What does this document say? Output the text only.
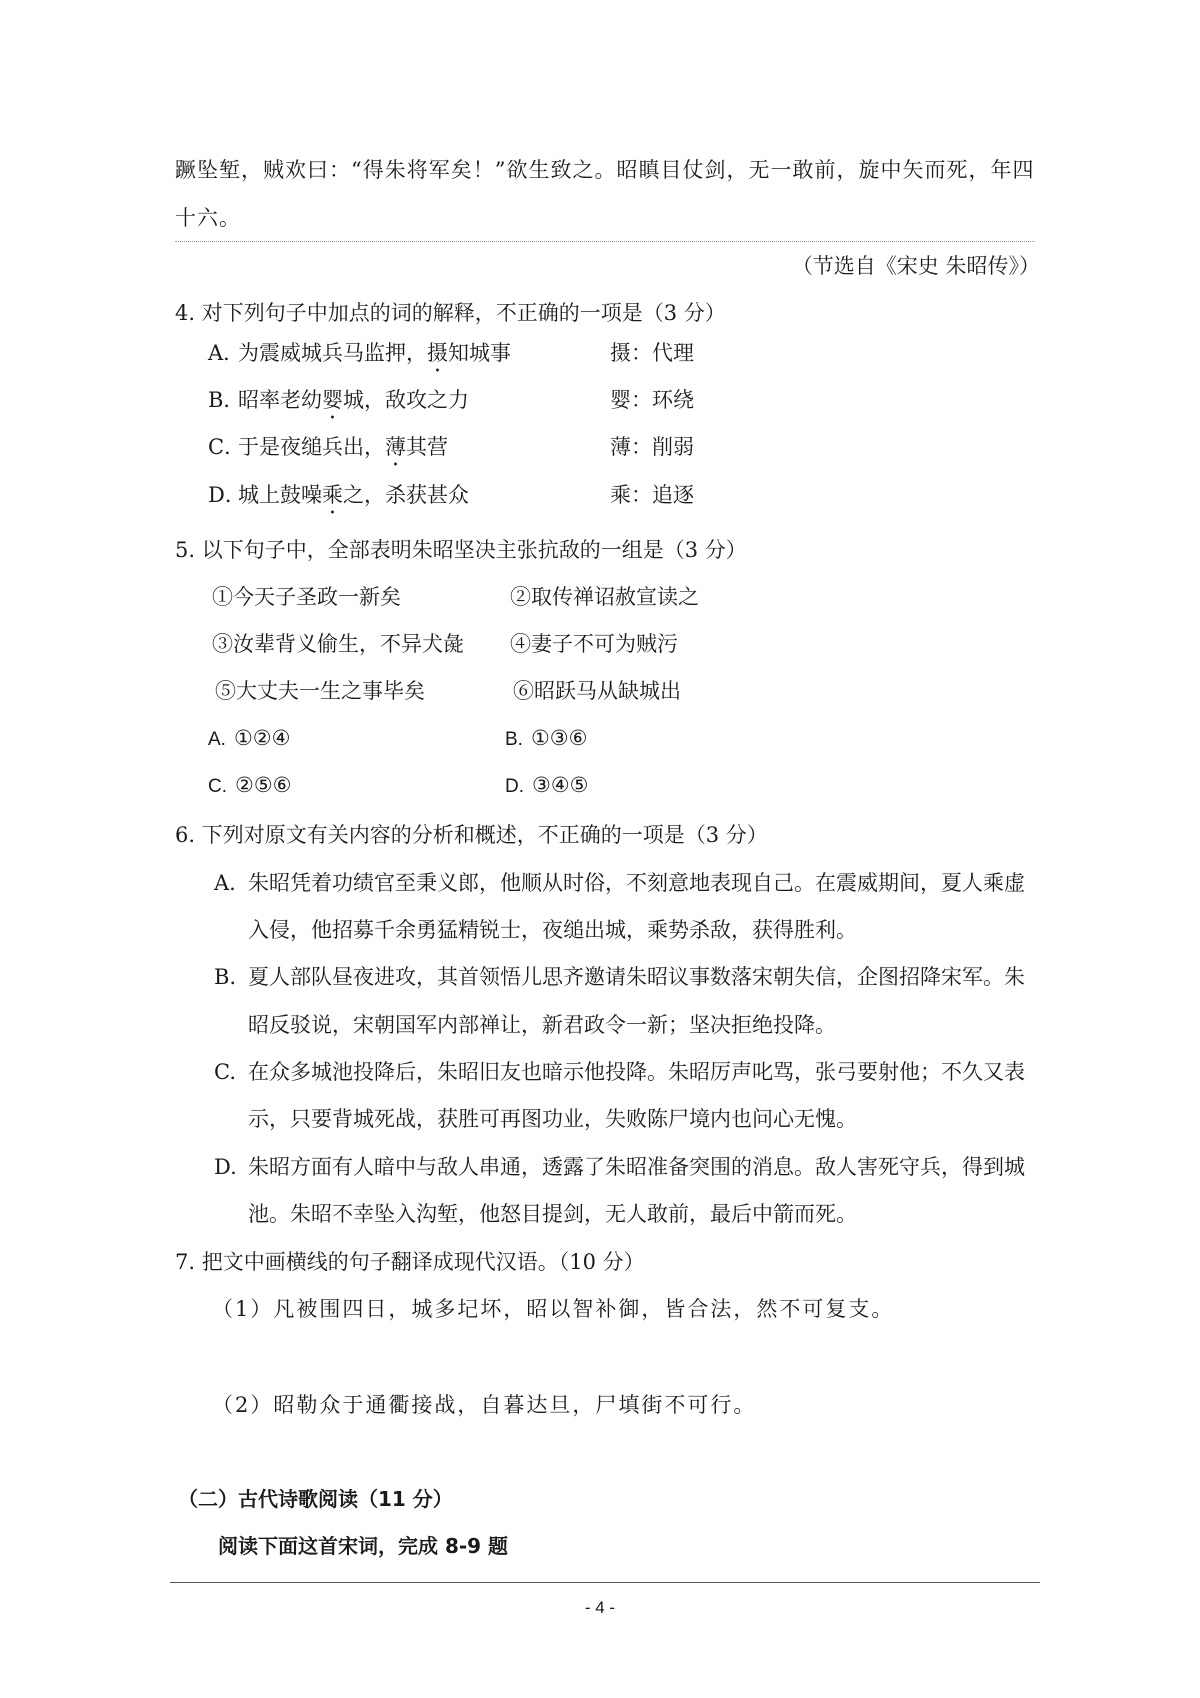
蹶坠堑，贼欢曰：“得朱将军矣！”欲生致之。昭瞋目仗剑，无一敢前，旋中矢而死，年四
十六。
（节选自《宋史 朱昭传》）
4. 对下列句子中加点的词的解释，不正确的一项是（3 分）
A．为震威城兵马监押，摄知城事	摄：代理
B．昭率老幼婴城，敌攻之力	婴：环绕
C．于是夜缒兵出，薄其营	薄：削弱
D．城上鼓噪乘之，杀获甚众	乘：追逐
5. 以下句子中，全部表明朱昭坚决主张抗敌的一组是（3 分）
①今天子圣政一新矣	②取传禅诏赦宣读之
③汝辈背义偷生，不异犬彘 ④妻子不可为贼污
⑤大丈夫一生之事毕矣	⑥昭跃马从缺城出
A. ①②④	B. ①③⑥
C. ②⑤⑥	D. ③④⑤
6. 下列对原文有关内容的分析和概述，不正确的一项是（3 分）
A. 朱昭凭着功绩官至秉义郎，他顺从时俗，不刻意地表现自己。在震威期间，夏人乘虚
入侵，他招募千余勇猛精锐士，夜缒出城，乘势杀敌，获得胜利。
B. 夏人部队昼夜进攻，其首领悟儿思齐邀请朱昭议事数落宋朝失信，企图招降宋军。朱
昭反驳说，宋朝国军内部禅让，新君政令一新；坚决拒绝投降。
C. 在众多城池投降后，朱昭旧友也暗示他投降。朱昭厉声叱骂，张弓要射他；不久又表
示，只要背城死战，获胜可再图功业，失败陈尸境内也问心无愧。
D. 朱昭方面有人暗中与敌人串通，透露了朱昭准备突围的消息。敌人害死守兵，得到城
池。朱昭不幸坠入沟堑，他怒目提剑，无人敢前，最后中箭而死。
7. 把文中画横线的句子翻译成现代汉语。（10 分）
（1）凡被围四日，城多圮坏，昭以智补御，皆合法，然不可复支。
（2）昭勒众于通衢接战，自暮达旦，尸填街不可行。
（二）古代诗歌阅读（11 分）
阅读下面这首宋词，完成 8-9 题
- 4 -
